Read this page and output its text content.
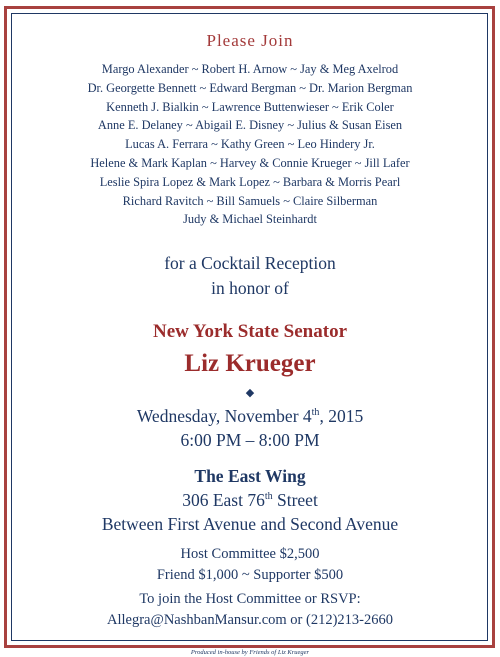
Please Join
Margo Alexander ~ Robert H. Arnow ~ Jay & Meg Axelrod
Dr. Georgette Bennett ~ Edward Bergman ~ Dr. Marion Bergman
Kenneth J. Bialkin ~ Lawrence Buttenwieser ~ Erik Coler
Anne E. Delaney ~ Abigail E. Disney ~ Julius & Susan Eisen
Lucas A. Ferrara ~ Kathy Green ~ Leo Hindery Jr.
Helene & Mark Kaplan ~ Harvey & Connie Krueger ~ Jill Lafer
Leslie Spira Lopez & Mark Lopez ~ Barbara & Morris Pearl
Richard Ravitch ~ Bill Samuels ~ Claire Silberman
Judy & Michael Steinhardt
for a Cocktail Reception
in honor of
New York State Senator
Liz Krueger
◆
Wednesday, November 4th, 2015
6:00 PM – 8:00 PM
The East Wing
306 East 76th Street
Between First Avenue and Second Avenue
Host Committee $2,500
Friend $1,000 ~ Supporter $500
To join the Host Committee or RSVP:
Allegra@NashbanMansur.com or (212)213-2660
Produced in-house by Friends of Liz Krueger
